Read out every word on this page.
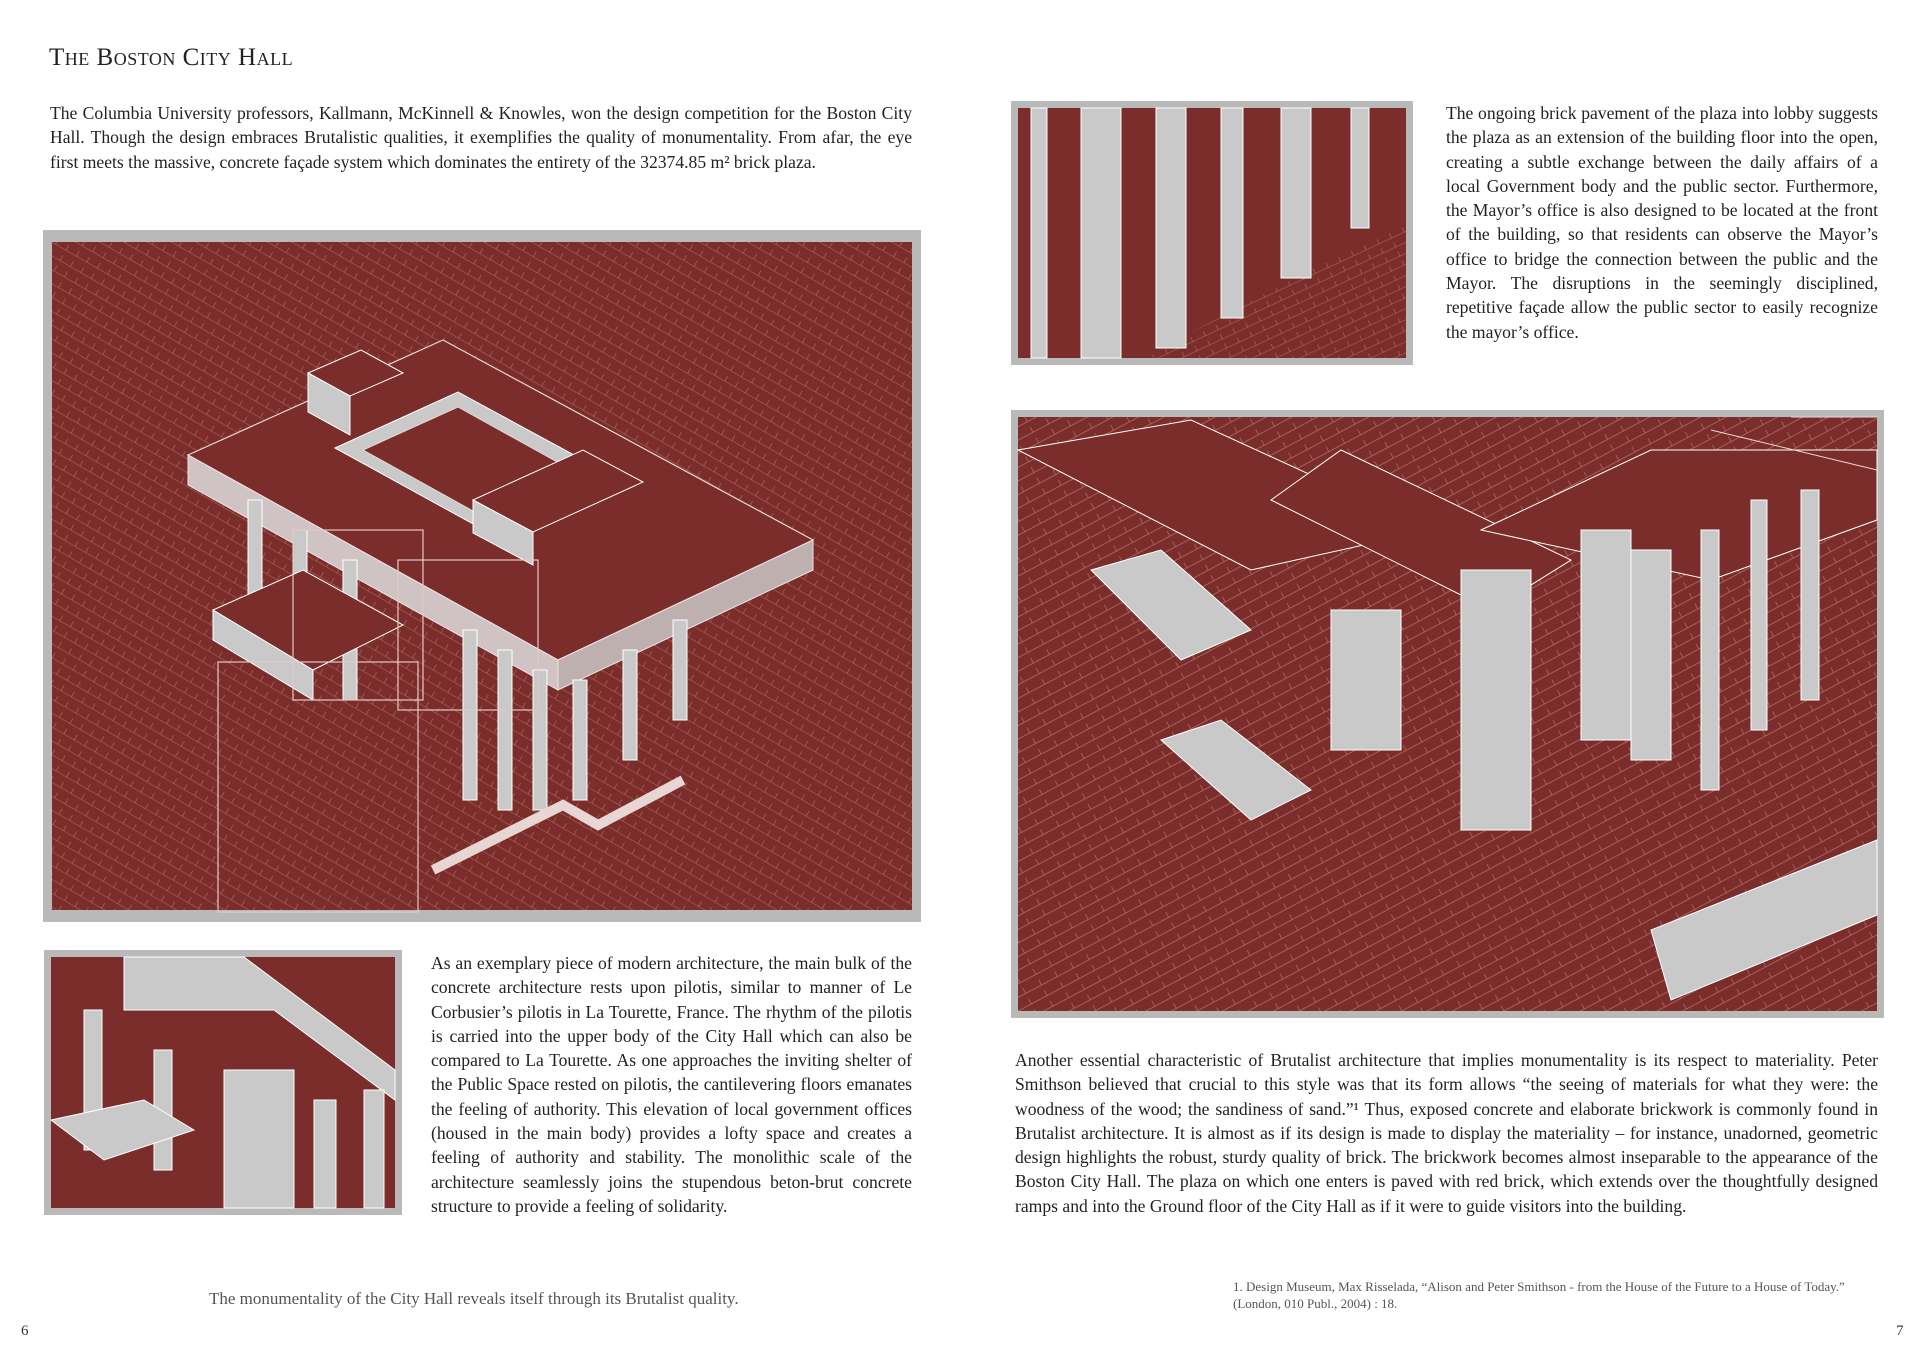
The Boston City Hall
The Columbia University professors, Kallmann, McKinnell & Knowles, won the design competition for the Boston City Hall. Though the design embraces Brutalistic qualities, it exemplifies the quality of monumentality. From afar, the eye first meets the massive, concrete façade system which dominates the entirety of the 32374.85 m² brick plaza.
As an exemplary piece of modern architecture, the main bulk of the concrete architecture rests upon pilotis, similar to manner of Le Corbusier’s pilotis in La Tourette, France. The rhythm of the pilotis is carried into the upper body of the City Hall which can also be compared to La Tourette. As one approaches the inviting shelter of the Public Space rested on pilotis, the cantilevering floors emanates the feeling of authority. This elevation of local government offices (housed in the main body) provides a lofty space and creates a feeling of authority and stability. The monolithic scale of the architecture seamlessly joins the stupendous beton-brut concrete structure to provide a feeling of solidarity.
The ongoing brick pavement of the plaza into lobby suggests the plaza as an extension of the building floor into the open, creating a subtle exchange between the daily affairs of a local Government body and the public sector. Furthermore, the Mayor’s office is also designed to be located at the front of the building, so that residents can observe the Mayor’s office to bridge the connection between the public and the Mayor. The disruptions in the seemingly disciplined, repetitive façade allow the public sector to easily recognize the mayor’s office.
Another essential characteristic of Brutalist architecture that implies monumentality is its respect to materiality. Peter Smithson believed that crucial to this style was that its form allows “the seeing of materials for what they were: the woodness of the wood; the sandiness of sand.”¹ Thus, exposed concrete and elaborate brickwork is commonly found in Brutalist architecture. It is almost as if its design is made to display the materiality – for instance, unadorned, geometric design highlights the robust, sturdy quality of brick. The brickwork becomes almost inseparable to the appearance of the Boston City Hall. The plaza on which one enters is paved with red brick, which extends over the thoughtfully designed ramps and into the Ground floor of the City Hall as if it were to guide visitors into the building.
The monumentality of the City Hall reveals itself through its Brutalist quality.
1. Design Museum, Max Risselada, “Alison and Peter Smithson - from the House of the Future to a House of Today.” (London, 010 Publ., 2004) : 18.
6	7
